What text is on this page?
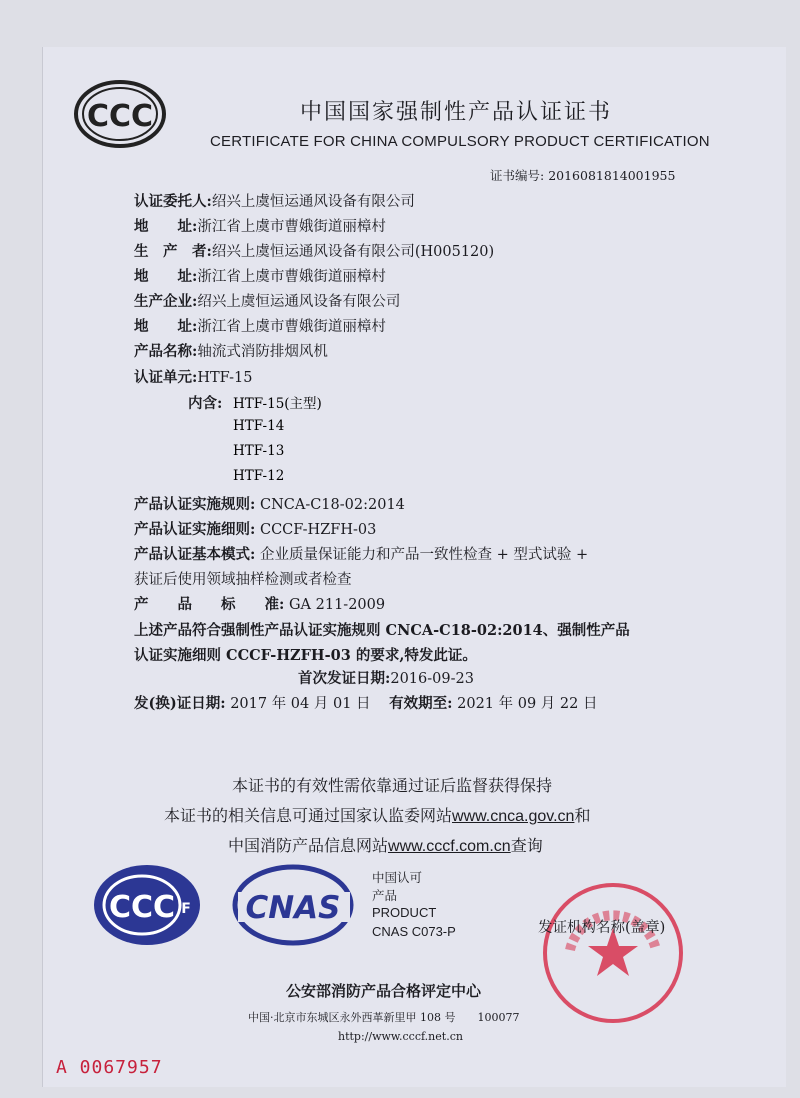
CCC	中国国家强制性产品认证证书
CERTIFICATE FOR CHINA COMPULSORY PRODUCT CERTIFICATION
证书编号: 2016081814001955
认证委托人:绍兴上虞恒运通风设备有限公司
地　　址:浙江省上虞市曹娥街道丽樟村
生　产　者:绍兴上虞恒运通风设备有限公司(H005120)
地　　址:浙江省上虞市曹娥街道丽樟村
生产企业:绍兴上虞恒运通风设备有限公司
地　　址:浙江省上虞市曹娥街道丽樟村
产品名称:轴流式消防排烟风机
认证单元:HTF-15
内含: HTF-15(主型)
HTF-14
HTF-13
HTF-12
产品认证实施规则: CNCA-C18-02:2014
产品认证实施细则: CCCF-HZFH-03
产品认证基本模式: 企业质量保证能力和产品一致性检查 + 型式试验 +
获证后使用领域抽样检测或者检查
产　　品　　标　　准: GA 211-2009
上述产品符合强制性产品认证实施规则 CNCA-C18-02:2014、强制性产品
认证实施细则 CCCF-HZFH-03 的要求,特发此证。
首次发证日期:2016-09-23
发(换)证日期: 2017 年 04 月 01 日 有效期至: 2021 年 09 月 22 日
本证书的有效性需依靠通过证后监督获得保持
本证书的相关信息可通过国家认监委网站www.cnca.gov.cn和
中国消防产品信息网站www.cccf.com.cn查询
CCC F CNAS
中国认可
产品
PRODUCT
CNAS C073-P	发证机构名称(盖章)
公安部消防产品合格评定中心
中国·北京市东城区永外西革新里甲 108 号　　100077
http://www.cccf.net.cn
A 0067957
